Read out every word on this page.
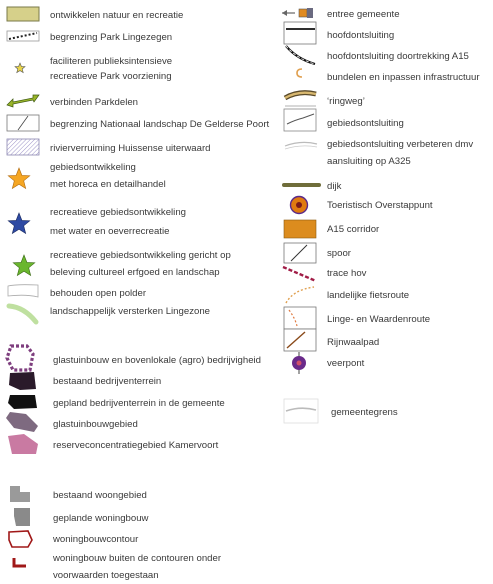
ontwikkelen natuur en recreatie
begrenzing Park Lingezegen
faciliteren publieksintensieve
recreatieve Park voorziening
verbinden Parkdelen
begrenzing Nationaal landschap De Gelderse Poort
rivierverruiming Huissense uiterwaard
gebiedsontwikkeling
met horeca en detailhandel
recreatieve gebiedsontwikkeling
met water en oeverrecreatie
recreatieve gebiedsontwikkeling gericht op
beleving cultureel erfgoed en landschap
behouden open polder
landschappelijk versterken Lingezone
glastuinbouw en bovenlokale (agro) bedrijvigheid
bestaand bedrijventerrein
gepland bedrijventerrein in de gemeente
glastuinbouwgebied
reserveconcentratiegebied Kamervoort
bestaand woongebied
geplande woningbouw
woningbouwcontour
woningbouw buiten de contouren onder
voorwaarden toegestaan
entree gemeente
hoofdontsluiting
hoofdontsluiting doortrekking A15
bundelen en inpassen infrastructuur
‘ringweg’
gebiedsontsluiting
gebiedsontsluiting verbeteren dmv
aansluiting op A325
dijk
Toeristisch Overstappunt
A15 corridor
spoor
trace hov
landelijke fietsroute
Linge- en Waardenroute
Rijnwaalpad
veerpont
gemeentegrens
